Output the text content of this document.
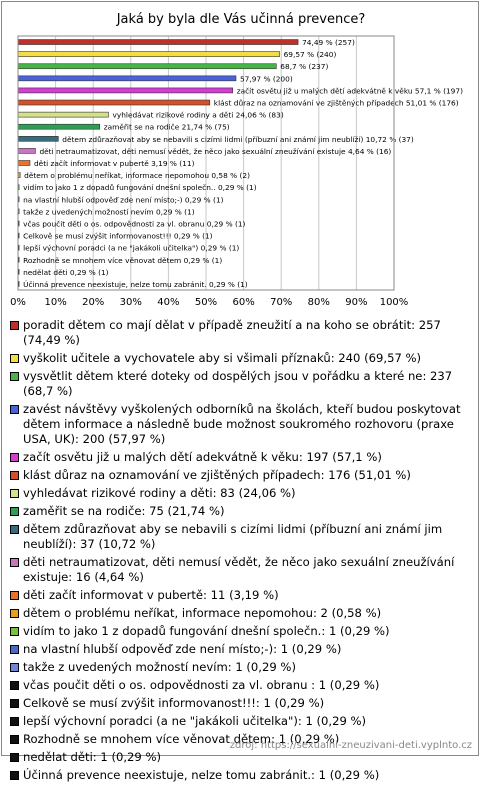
Jaká by byla dle Vás učinná prevence?
0% 10% 20% 30% 40% 50% 60% 70% 80% 90% 100%
74,49 % (257)
69,57 % (240)
68,7 % (237)
57,97 % (200)
začít osvětu již u malých dětí adekvátně k věku 57,1 % (197)
klást důraz na oznamování ve zjištěných případech 51,01 % (176)
vyhledávat rizikové rodiny a děti 24,06 % (83)
zaměřit se na rodiče 21,74 % (75)
dětem zdůrazňovat aby se nebavili s cizími lidmi (příbuzní ani známí jim neublíží) 10,72 % (37)
děti netraumatizovat, děti nemusí vědět, že něco jako sexuální zneužívání existuje 4,64 % (16)
děti začít informovat v pubertě 3,19 % (11)
dětem o problému neříkat, informace nepomohou 0,58 % (2)
vidím to jako 1 z dopadů fungování dnešní společn.. 0,29 % (1)
na vlastní hlubší odpověď zde není místo;-) 0,29 % (1)
takže z uvedených možností nevím 0,29 % (1)
včas poučit děti o os. odpovědnosti za vl. obranu 0,29 % (1)
Celkově se musí zvýšit informovanost!!! 0,29 % (1)
lepší výchovní poradci (a ne "jakákoli učitelka") 0,29 % (1)
Rozhodně se mnohem více věnovat dětem 0,29 % (1)
nedělat děti 0,29 % (1)
Účinná prevence neexistuje, nelze tomu zabránit. 0,29 % (1)
poradit dětem co mají dělat v případě zneužití a na koho se obrátit: 257 (74,49 %)
vyškolit učitele a vychovatele aby si všimali příznaků: 240 (69,57 %)
vysvětlit dětem které doteky od dospělých jsou v pořádku a které ne: 237 (68,7 %)
zavést návštěvy vyškolených odborníků na školách, kteří budou poskytovat dětem informace a následně bude možnost soukromého rozhovoru (praxe USA, UK): 200 (57,97 %)
začít osvětu již u malých dětí adekvátně k věku: 197 (57,1 %)
klást důraz na oznamování ve zjištěných případech: 176 (51,01 %)
vyhledávat rizikové rodiny a děti: 83 (24,06 %)
zaměřit se na rodiče: 75 (21,74 %)
dětem zdůrazňovat aby se nebavili s cizími lidmi (příbuzní ani známí jim neublíží): 37 (10,72 %)
děti netraumatizovat, děti nemusí vědět, že něco jako sexuální zneužívání existuje: 16 (4,64 %)
děti začít informovat v pubertě: 11 (3,19 %)
dětem o problému neříkat, informace nepomohou: 2 (0,58 %)
vidím to jako 1 z dopadů fungování dnešní společn.: 1 (0,29 %)
na vlastní hlubší odpověď zde není místo;-): 1 (0,29 %)
takže z uvedených možností nevím: 1 (0,29 %)
včas poučit děti o os. odpovědnosti za vl. obranu : 1 (0,29 %)
Celkově se musí zvýšit informovanost!!!: 1 (0,29 %)
lepší výchovní poradci (a ne "jakákoli učitelka"): 1 (0,29 %)
Rozhodně se mnohem více věnovat dětem: 1 (0,29 %)
nedělat děti: 1 (0,29 %)
Účinná prevence neexistuje, nelze tomu zabránit.: 1 (0,29 %)
zdroj: https://sexualni-zneuzivani-deti.vyplnto.cz
